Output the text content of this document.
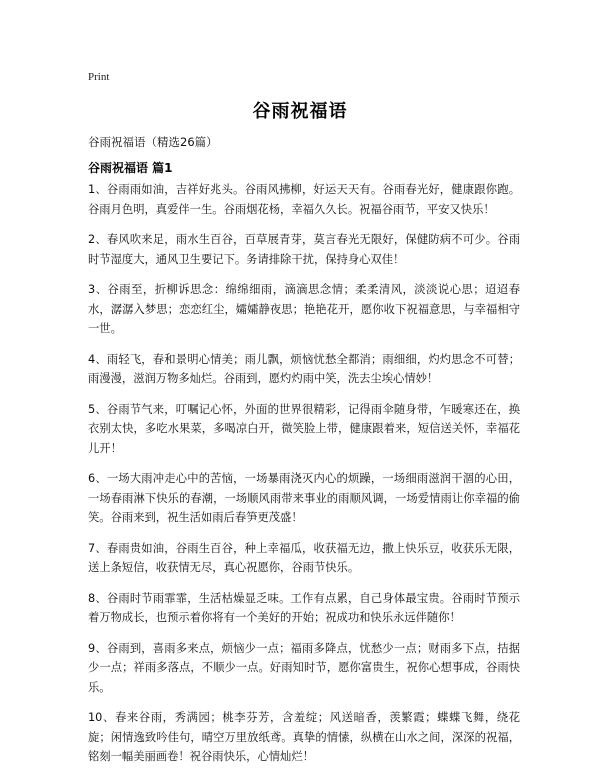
Print
谷雨祝福语
谷雨祝福语（精选26篇）
谷雨祝福语 篇1

1、谷雨雨如油，吉祥好兆头。谷雨风拂柳，好运天天有。谷雨春光好，健康跟你跑。谷雨月色明，真爱伴一生。谷雨烟花杨，幸福久久长。祝福谷雨节，平安又快乐！

2、春风吹来足，雨水生百谷，百草展青芽，莫言春光无限好，保健防病不可少。谷雨时节湿度大，通风卫生要记下。务请排除干扰，保持身心双佳！

3、谷雨至，折柳诉思念：绵绵细雨，滴滴思念情；柔柔清风，淡淡说心思；迢迢春水，潺潺入梦思；恋恋红尘，孀孀静夜思；艳艳花开，愿你收下祝福意思，与幸福相守一世。

4、雨轻飞，春和景明心情美；雨儿飘，烦恼忧愁全都消；雨细细，灼灼思念不可替；雨漫漫，滋润万物多灿烂。谷雨到，愿灼灼雨中笑，洗去尘埃心情妙！

5、谷雨节气来，叮嘱记心怀，外面的世界很精彩，记得雨伞随身带，乍暖寒还在，换衣别太快，多吃水果菜，多喝凉白开，微笑脸上带，健康跟着来，短信送关怀，幸福花儿开！

6、一场大雨冲走心中的苦恼，一场暴雨浇灭内心的烦躁，一场细雨滋润干涸的心田，一场春雨淋下快乐的春潮，一场顺风雨带来事业的雨顺风调，一场爱情雨让你幸福的偷笑。谷雨来到，祝生活如雨后春笋更茂盛！

7、春雨贵如油，谷雨生百谷，种上幸福瓜，收获福无边，撒上快乐豆，收获乐无限，送上条短信，收获情无尽，真心祝愿你，谷雨节快乐。

8、谷雨时节雨霏霏，生活枯燥显乏味。工作有点累，自己身体最宝贵。谷雨时节预示着万物成长，也预示着你将有一个美好的开始；祝成功和快乐永远伴随你！

9、谷雨到，喜雨多来点，烦恼少一点；福雨多降点，忧愁少一点；财雨多下点，拮据少一点；祥雨多落点，不顺少一点。好雨知时节，愿你富贵生，祝你心想事成，谷雨快乐。

10、春来谷雨，秀满园；桃李芬芳，含羞绽；风送暗香，羡繁霞；蝶蝶飞舞，绕花旋；闲情逸致吟佳句，晴空万里放纸鸢。真挚的情愫，纵横在山水之间，深深的祝福，铭刻一幅美丽画卷！祝谷雨快乐，心情灿烂！
